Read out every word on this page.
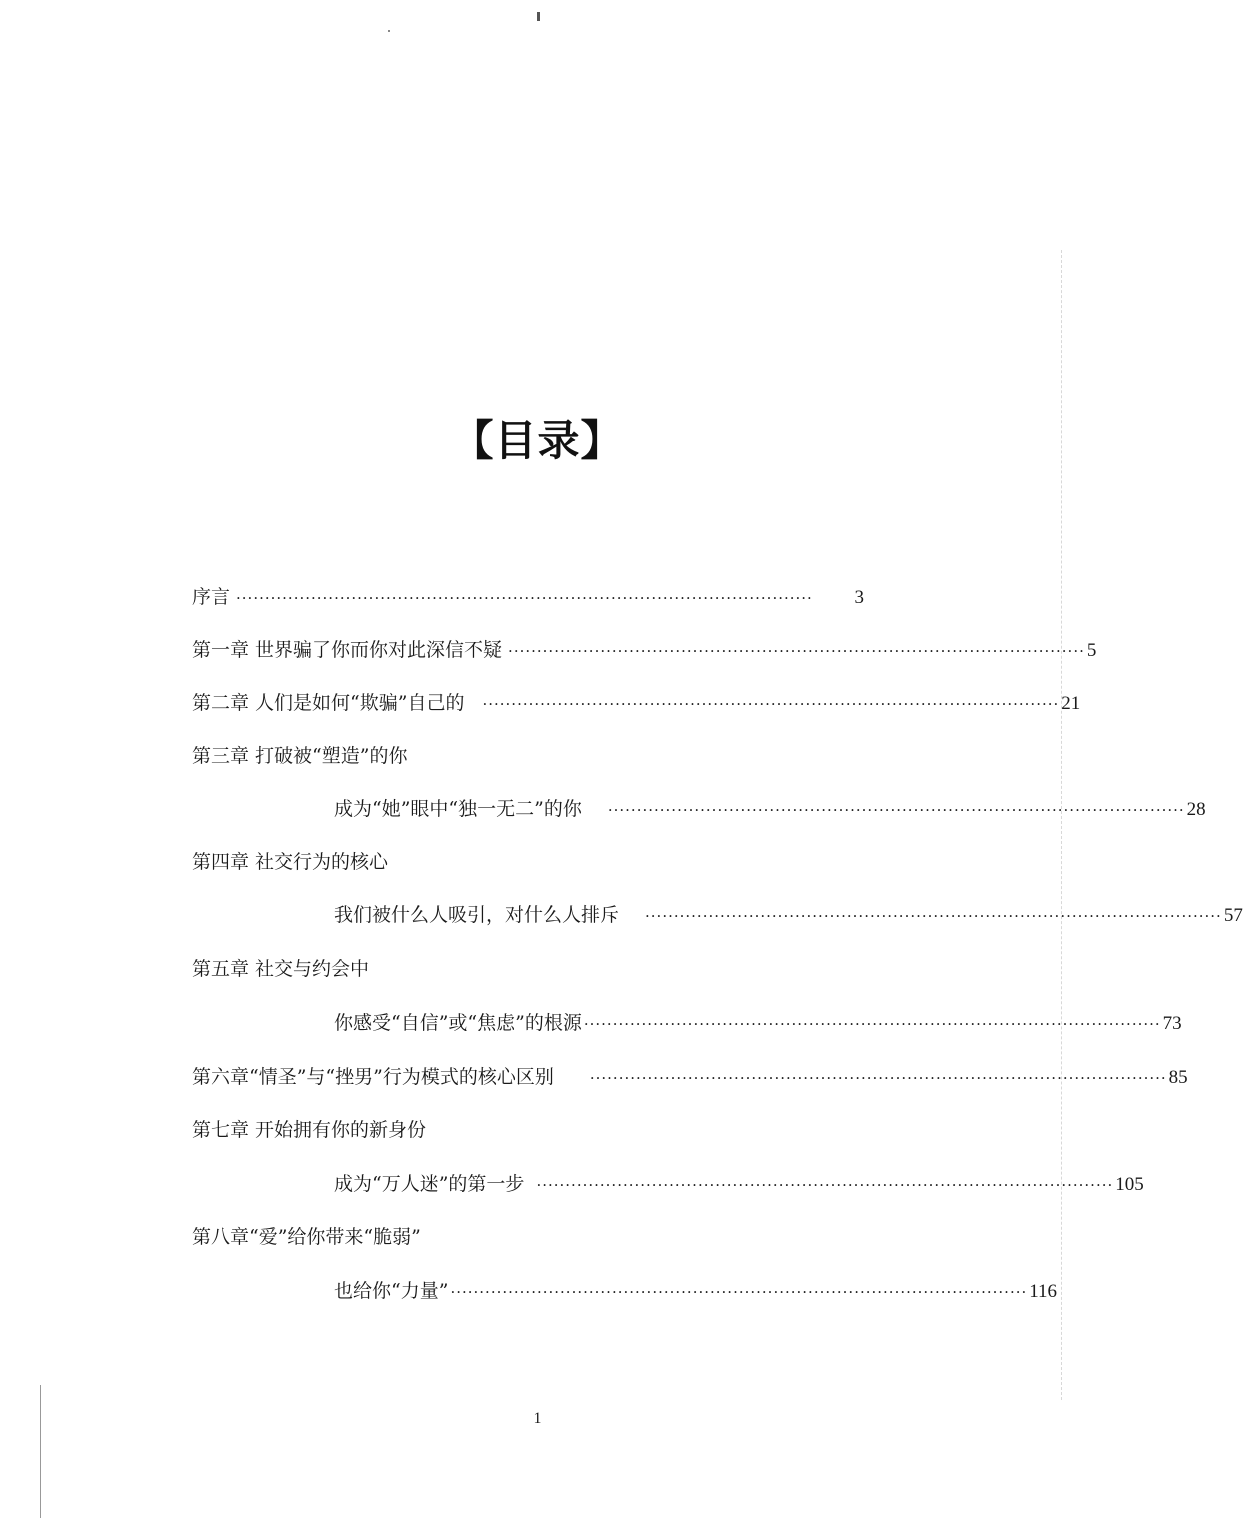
【目录】
序言 ····································································································	3
第一章 世界骗了你而你对此深信不疑 ···································································································· 5
第二章 人们是如何“欺骗”自己的 ···································································································· 21
第三章 打破被“塑造”的你
成为“她”眼中“独一无二”的你 ···································································································· 28
第四章 社交行为的核心
我们被什么人吸引，对什么人排斥 ···································································································· 57
第五章 社交与约会中
你感受“自信”或“焦虑”的根源 ···································································································· 73
第六章“情圣”与“挫男”行为模式的核心区别 ···································································································· 85
第七章 开始拥有你的新身份
成为“万人迷”的第一步 ···································································································· 105
第八章“爱”给你带来“脆弱”
也给你“力量” ···································································································· 116
1
